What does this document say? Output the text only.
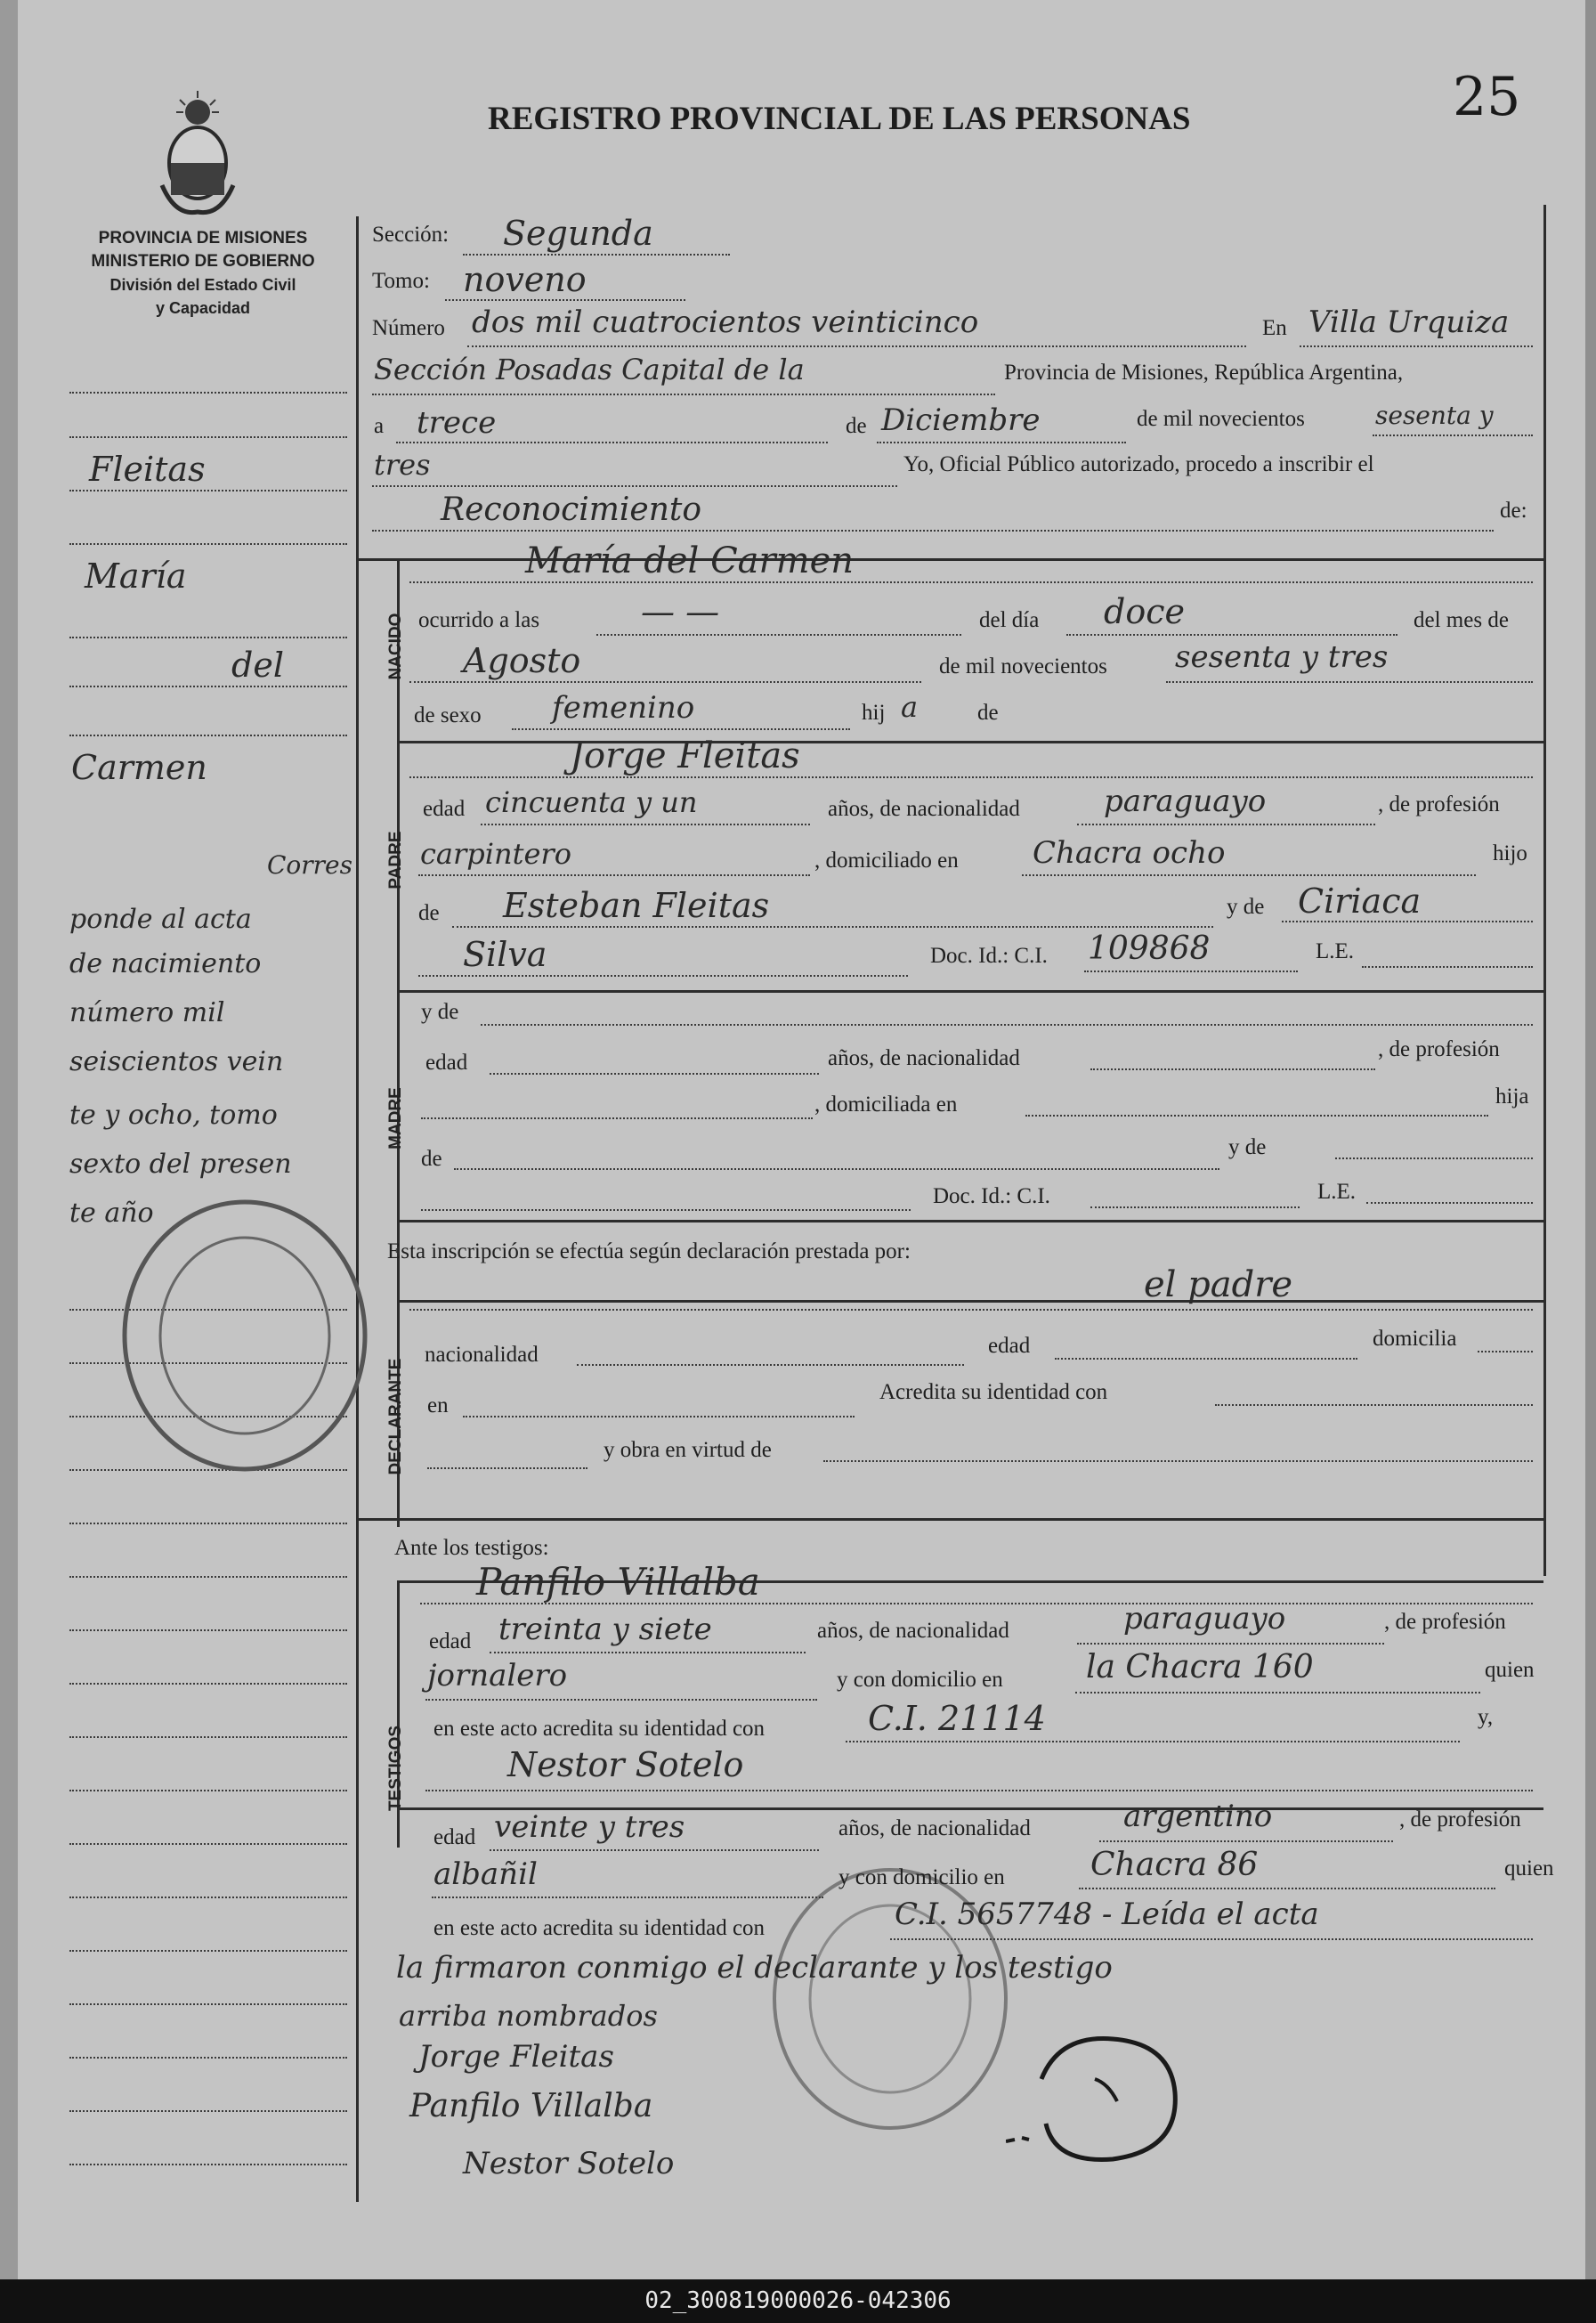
PROVINCIA DE MISIONES
MINISTERIO DE GOBIERNO
División del Estado Civil
y Capacidad
REGISTRO PROVINCIAL DE LAS PERSONAS	25
NACIDO
PADRE
MADRE
DECLARANTE
TESTIGOS
Fleitas
María
del
Carmen
Corres
ponde al acta
de nacimiento
número mil
seiscientos vein
te y ocho, tomo
sexto del presen
te año
Sección: Segunda
Tomo: noveno
Número dos mil cuatrocientos veinticinco	En Villa Urquiza
Sección Posadas Capital de la	Provincia de Misiones, República Argentina,
a trece	de Diciembre	de mil novecientos	sesenta y
tres	Yo, Oficial Público autorizado, procedo a inscribir el
Reconocimiento	de:
María del Carmen
ocurrido a las	— —	del día doce	del mes de
Agosto	de mil novecientos sesenta y tres
de sexo femenino	hij a	de
Jorge Fleitas
edad cincuenta y un	años, de nacionalidad	paraguayo	, de profesión
carpintero	, domiciliado en Chacra ocho	hijo
de Esteban Fleitas	y de Ciriaca
Silva	Doc. Id.: C.I. 109868	L.E.
y de
edad	años, de nacionalidad	, de profesión
, domiciliada en	hija
de	y de
Doc. Id.: C.I.	L.E.
Esta inscripción se efectúa según declaración prestada por:
el padre
nacionalidad	edad	domicilia
en
Acredita su identidad con
y obra en virtud de
Ante los testigos:
Panfilo Villalba
edad treinta y siete	años, de nacionalidad	paraguayo	, de profesión
jornalero	y con domicilio en	la Chacra 160	quien
en este acto acredita su identidad con	C.I. 21114	y,
Nestor Sotelo
edad veinte y tres	años, de nacionalidad	argentino	, de profesión
albañil	y con domicilio en	Chacra 86	quien
en este acto acredita su identidad con	C.I. 5657748 - Leída el acta
la firmaron conmigo el declarante y los testigo
arriba nombrados
Jorge Fleitas
Panfilo Villalba
Nestor Sotelo
02_300819000026-042306
